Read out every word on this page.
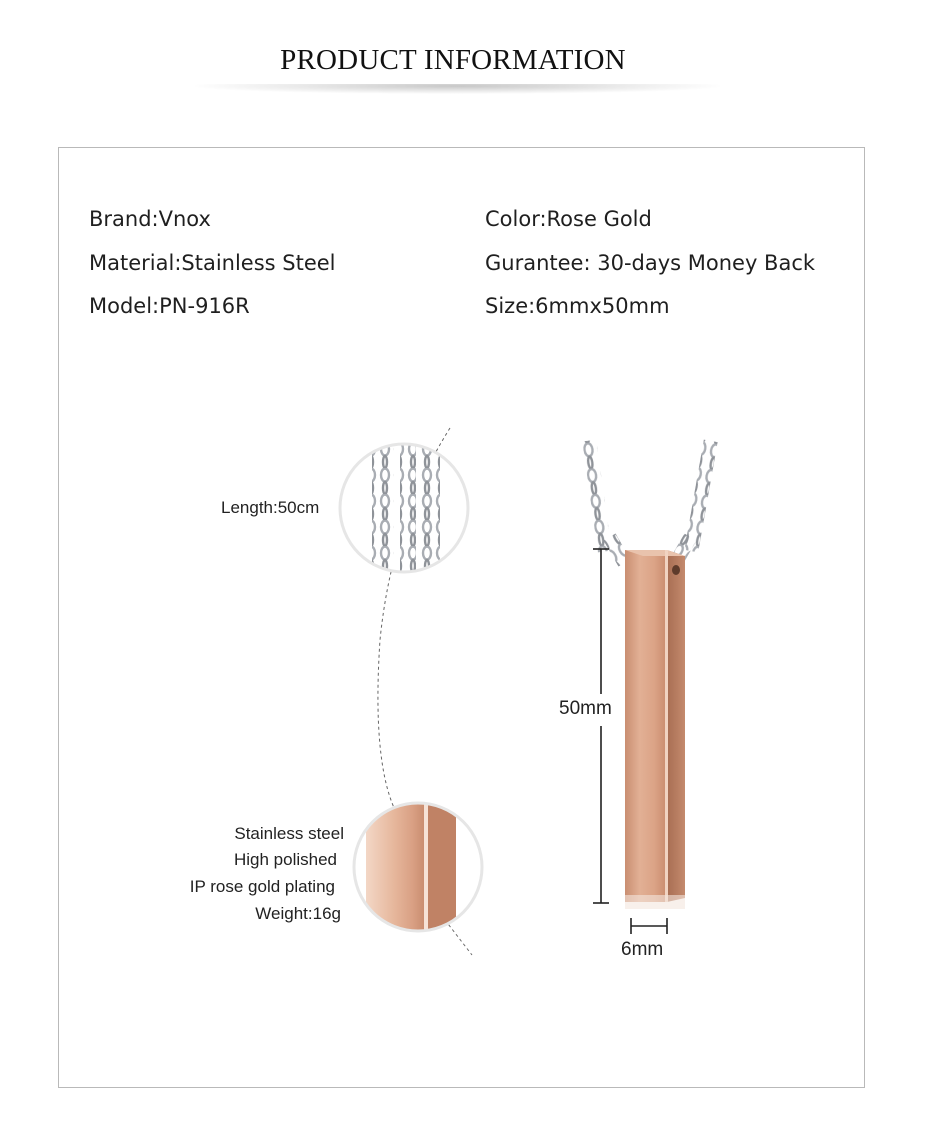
PRODUCT INFORMATION
Brand:Vnox
Material:Stainless Steel
Model:PN-916R
Color:Rose Gold
Gurantee: 30-days Money Back
Size:6mmx50mm
Length:50cm
Stainless steel
High polished
IP rose gold plating
Weight:16g
50mm
6mm
